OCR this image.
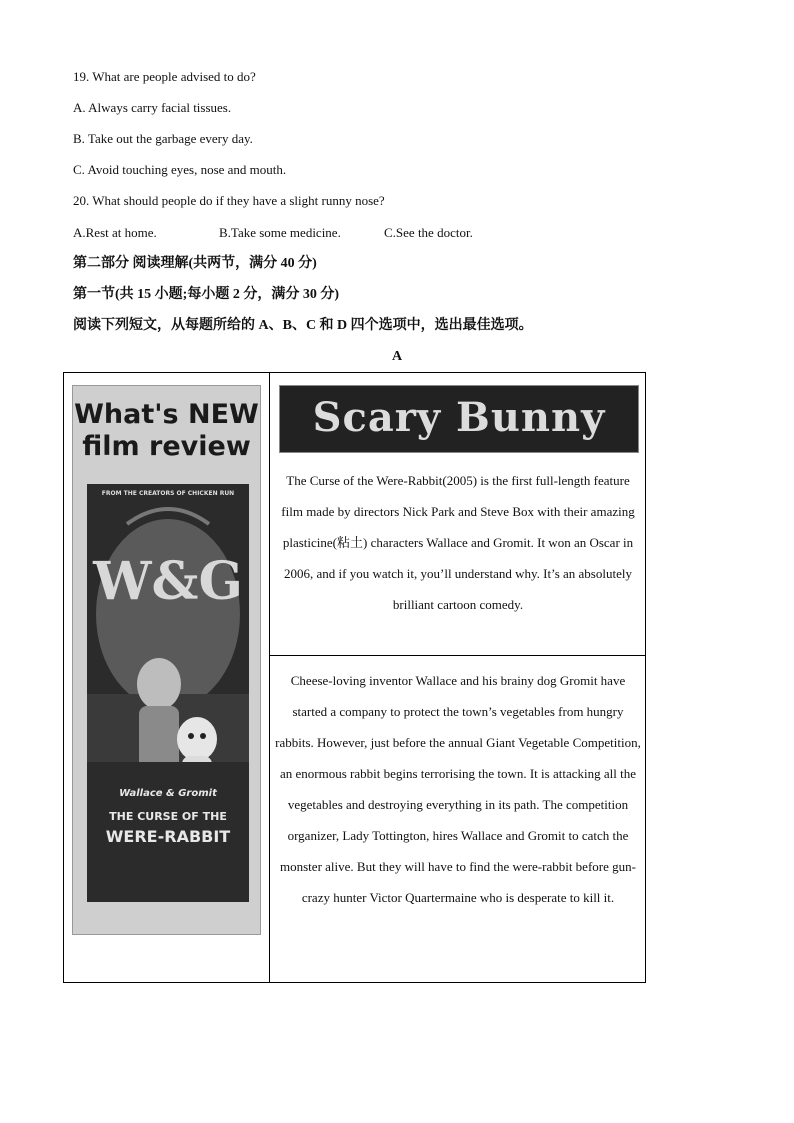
19. What are people advised to do?
A. Always carry facial tissues.
B. Take out the garbage every day.
C. Avoid touching eyes, nose and mouth.
20. What should people do if they have a slight runny nose?
A.Rest at home.	B.Take some medicine.	C.See the doctor.
第二部分 阅读理解(共两节，满分 40 分)
第一节(共 15 小题;每小题 2 分，满分 30 分)
阅读下列短文，从每题所给的 A、B、C 和 D 四个选项中，选出最佳选项。
A
What's NEW
film review
FROM THE CREATORS OF CHICKEN RUN
W&G
Wallace & Gromit
THE CURSE OF THE
WERE-RABBIT
Scary Bunny
The Curse of the Were-Rabbit(2005) is the first full-length feature film made by directors Nick Park and Steve Box with their amazing plasticine(粘土) characters Wallace and Gromit. It won an Oscar in 2006, and if you watch it, you’ll understand why. It’s an absolutely brilliant cartoon comedy.
Cheese-loving inventor Wallace and his brainy dog Gromit have started a company to protect the town’s vegetables from hungry rabbits. However, just before the annual Giant Vegetable Competition, an enormous rabbit begins terrorising the town. It is attacking all the vegetables and destroying everything in its path. The competition organizer, Lady Tottington, hires Wallace and Gromit to catch the monster alive. But they will have to find the were-rabbit before gun-crazy hunter Victor Quartermaine who is desperate to kill it.
